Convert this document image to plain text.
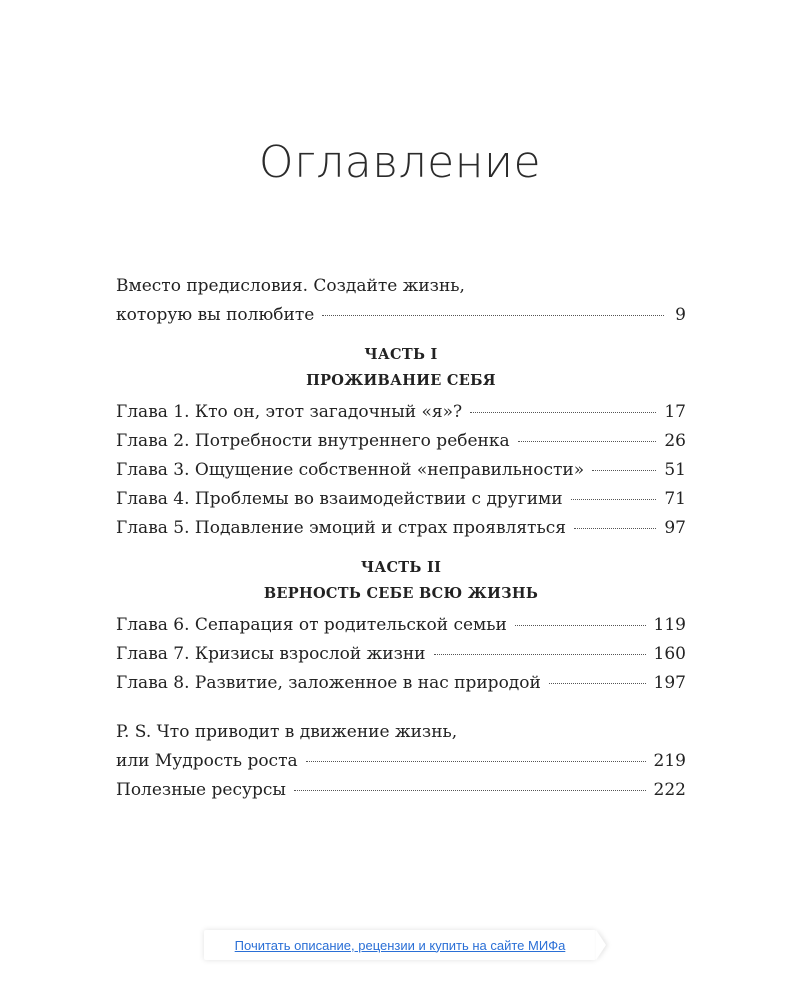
Оглавление
Вместо предисловия. Создайте жизнь,
которую вы полюбите	9
ЧАСТЬ I
ПРОЖИВАНИЕ СЕБЯ
Глава 1. Кто он, этот загадочный «я»?	17
Глава 2. Потребности внутреннего ребенка	26
Глава 3. Ощущение собственной «неправильности»	51
Глава 4. Проблемы во взаимодействии с другими	71
Глава 5. Подавление эмоций и страх проявляться	97
ЧАСТЬ II
ВЕРНОСТЬ СЕБЕ ВСЮ ЖИЗНЬ
Глава 6. Сепарация от родительской семьи	119
Глава 7. Кризисы взрослой жизни	160
Глава 8. Развитие, заложенное в нас природой	197
P. S. Что приводит в движение жизнь,
или Мудрость роста	219
Полезные ресурсы	222
Почитать описание, рецензии и купить на сайте МИФа
